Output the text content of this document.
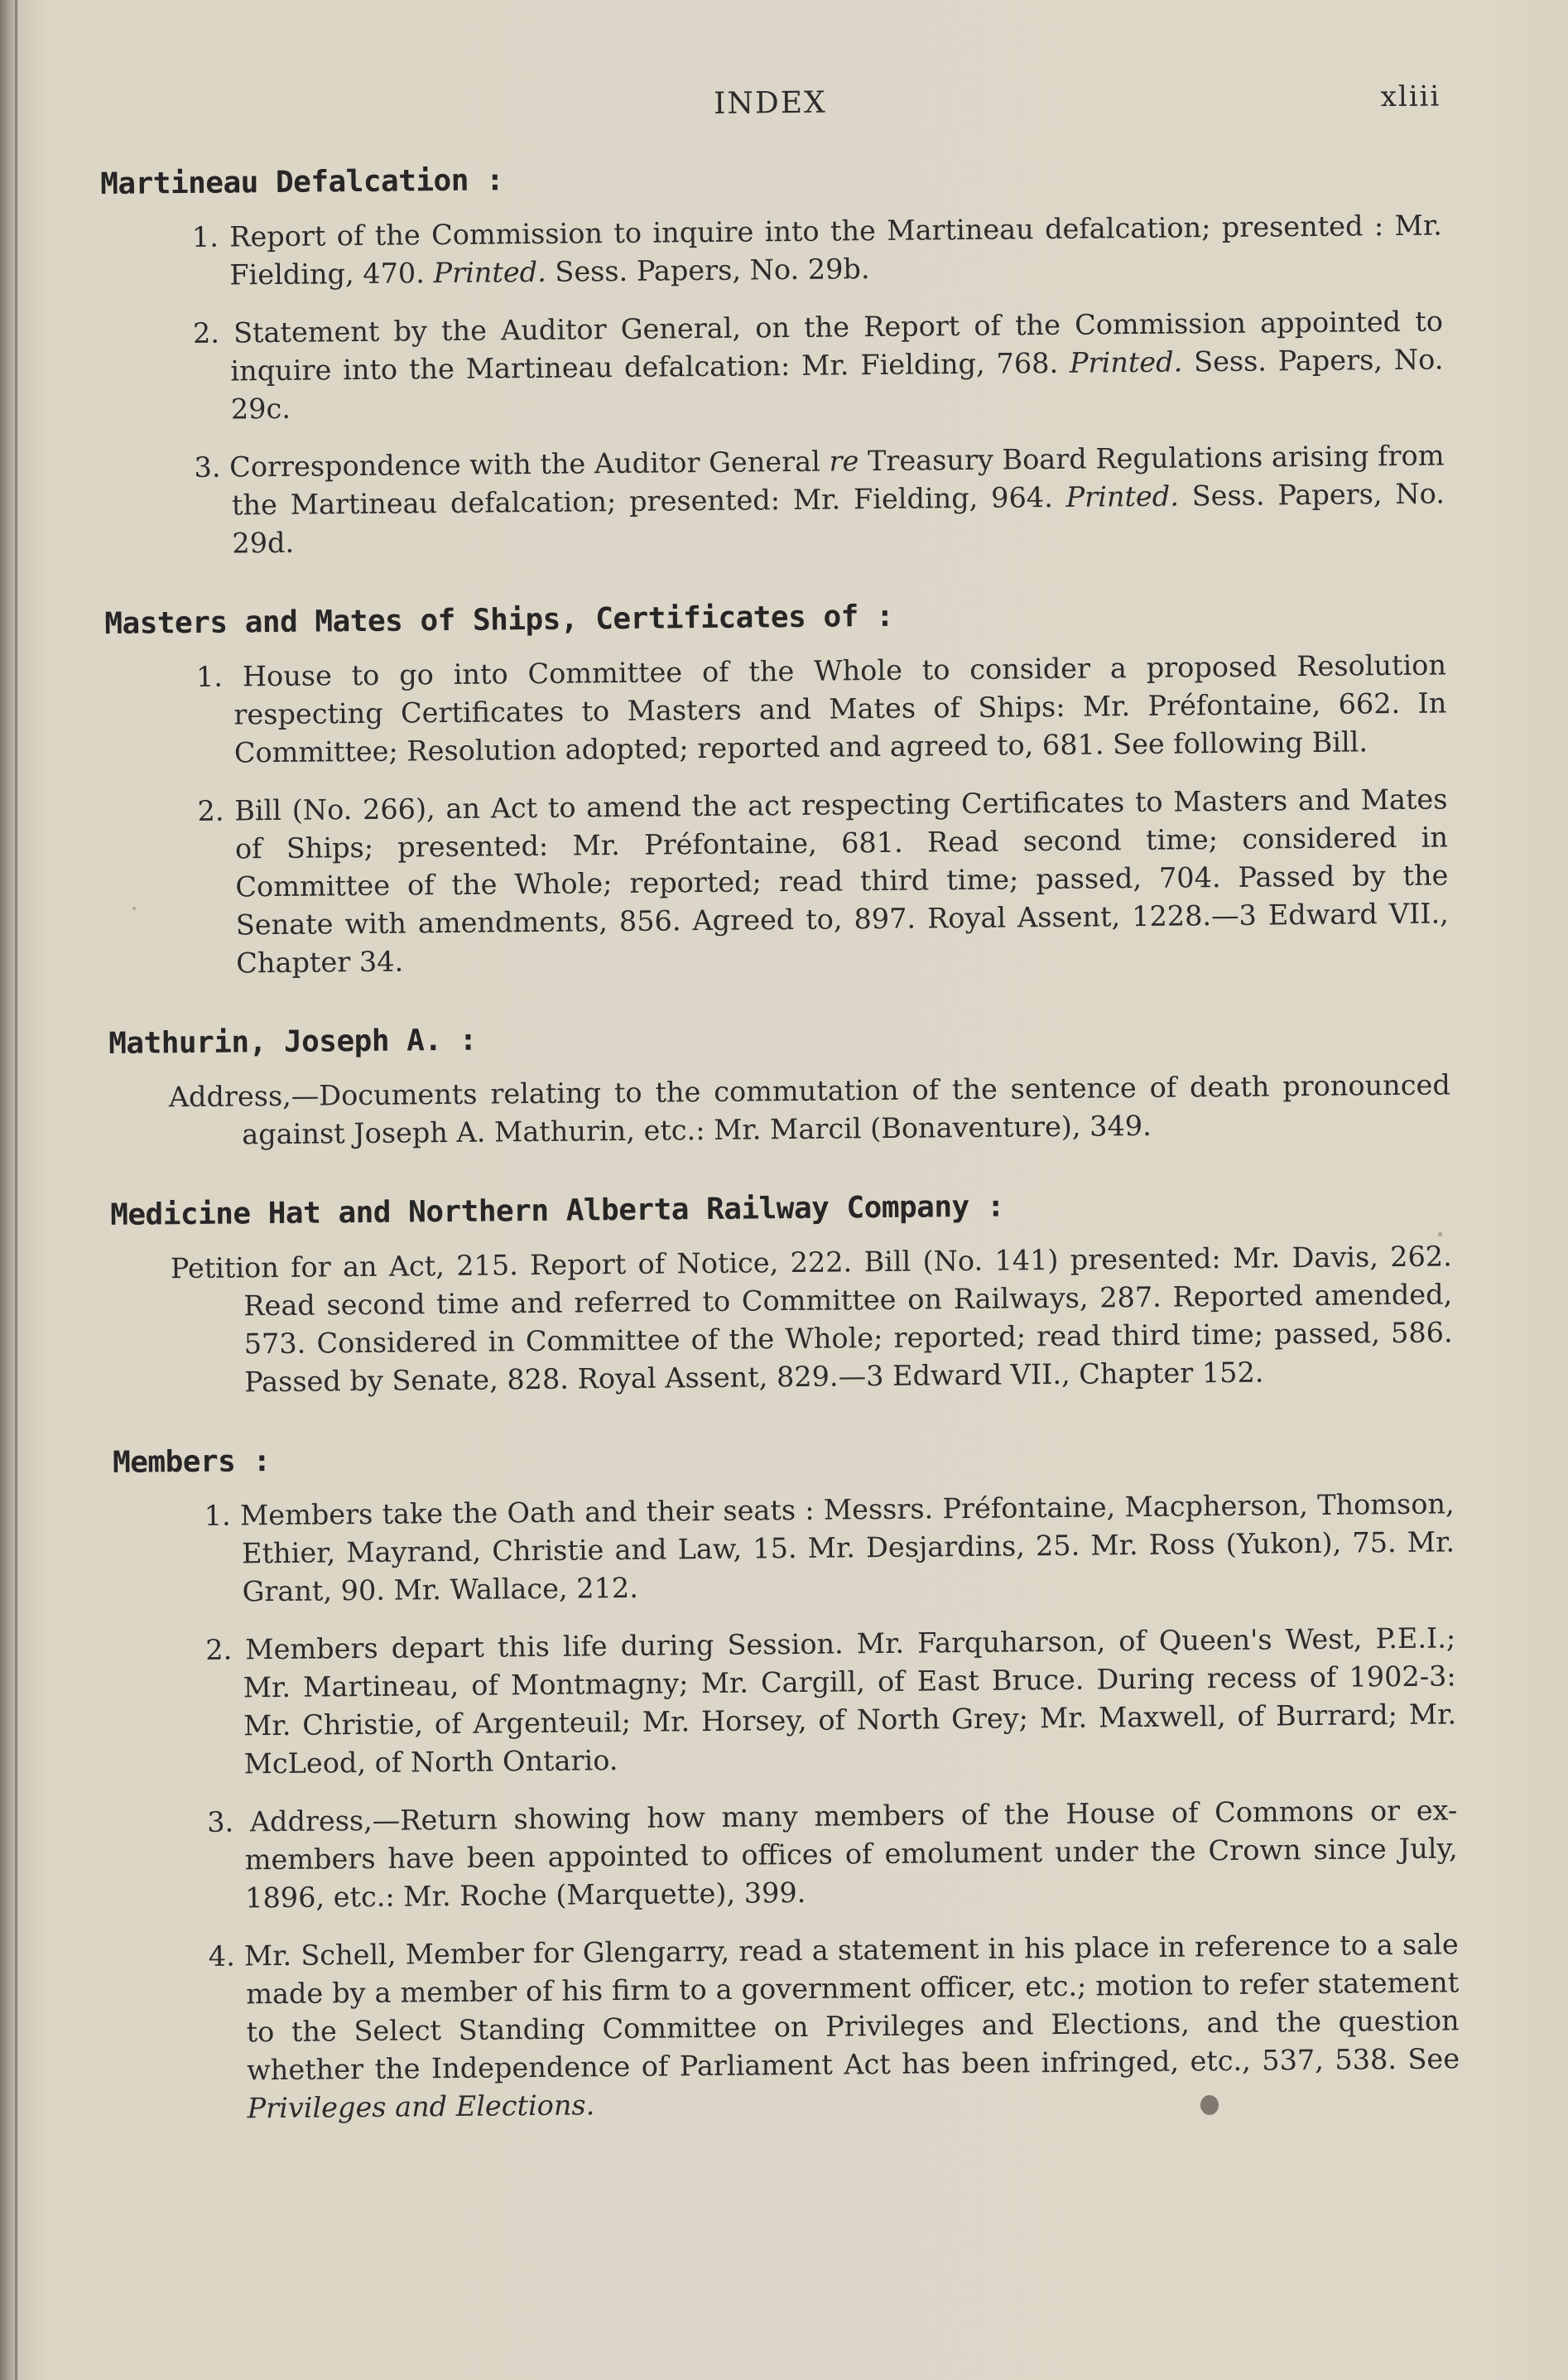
INDEX	xliii
Martineau Defalcation :
1. Report of the Commission to inquire into the Martineau defalcation; presented : Mr. Fielding, 470. Printed. Sess. Papers, No. 29b.
2. Statement by the Auditor General, on the Report of the Commission appointed to inquire into the Martineau defalcation: Mr. Fielding, 768. Printed. Sess. Papers, No. 29c.
3. Correspondence with the Auditor General re Treasury Board Regulations arising from the Martineau defalcation; presented: Mr. Fielding, 964. Printed. Sess. Papers, No. 29d.
Masters and Mates of Ships, Certificates of :
1. House to go into Committee of the Whole to consider a proposed Resolution respecting Certificates to Masters and Mates of Ships: Mr. Préfontaine, 662. In Committee; Resolution adopted; reported and agreed to, 681. See following Bill.
2. Bill (No. 266), an Act to amend the act respecting Certificates to Masters and Mates of Ships; presented: Mr. Préfontaine, 681. Read second time; considered in Committee of the Whole; reported; read third time; passed, 704. Passed by the Senate with amendments, 856. Agreed to, 897. Royal Assent, 1228.—3 Edward VII., Chapter 34.
Mathurin, Joseph A. :
Address,—Documents relating to the commutation of the sentence of death pronounced against Joseph A. Mathurin, etc.: Mr. Marcil (Bonaventure), 349.
Medicine Hat and Northern Alberta Railway Company :
Petition for an Act, 215. Report of Notice, 222. Bill (No. 141) presented: Mr. Davis, 262. Read second time and referred to Committee on Railways, 287. Reported amended, 573. Considered in Committee of the Whole; reported; read third time; passed, 586. Passed by Senate, 828. Royal Assent, 829.—3 Edward VII., Chapter 152.
Members :
1. Members take the Oath and their seats : Messrs. Préfontaine, Macpherson, Thomson, Ethier, Mayrand, Christie and Law, 15. Mr. Desjardins, 25. Mr. Ross (Yukon), 75. Mr. Grant, 90. Mr. Wallace, 212.
2. Members depart this life during Session. Mr. Farquharson, of Queen's West, P.E.I.; Mr. Martineau, of Montmagny; Mr. Cargill, of East Bruce. During recess of 1902-3: Mr. Christie, of Argenteuil; Mr. Horsey, of North Grey; Mr. Maxwell, of Burrard; Mr. McLeod, of North Ontario.
3. Address,—Return showing how many members of the House of Commons or ex-members have been appointed to offices of emolument under the Crown since July, 1896, etc.: Mr. Roche (Marquette), 399.
4. Mr. Schell, Member for Glengarry, read a statement in his place in reference to a sale made by a member of his firm to a government officer, etc.; motion to refer statement to the Select Standing Committee on Privileges and Elections, and the question whether the Independence of Parliament Act has been infringed, etc., 537, 538. See Privileges and Elections.
